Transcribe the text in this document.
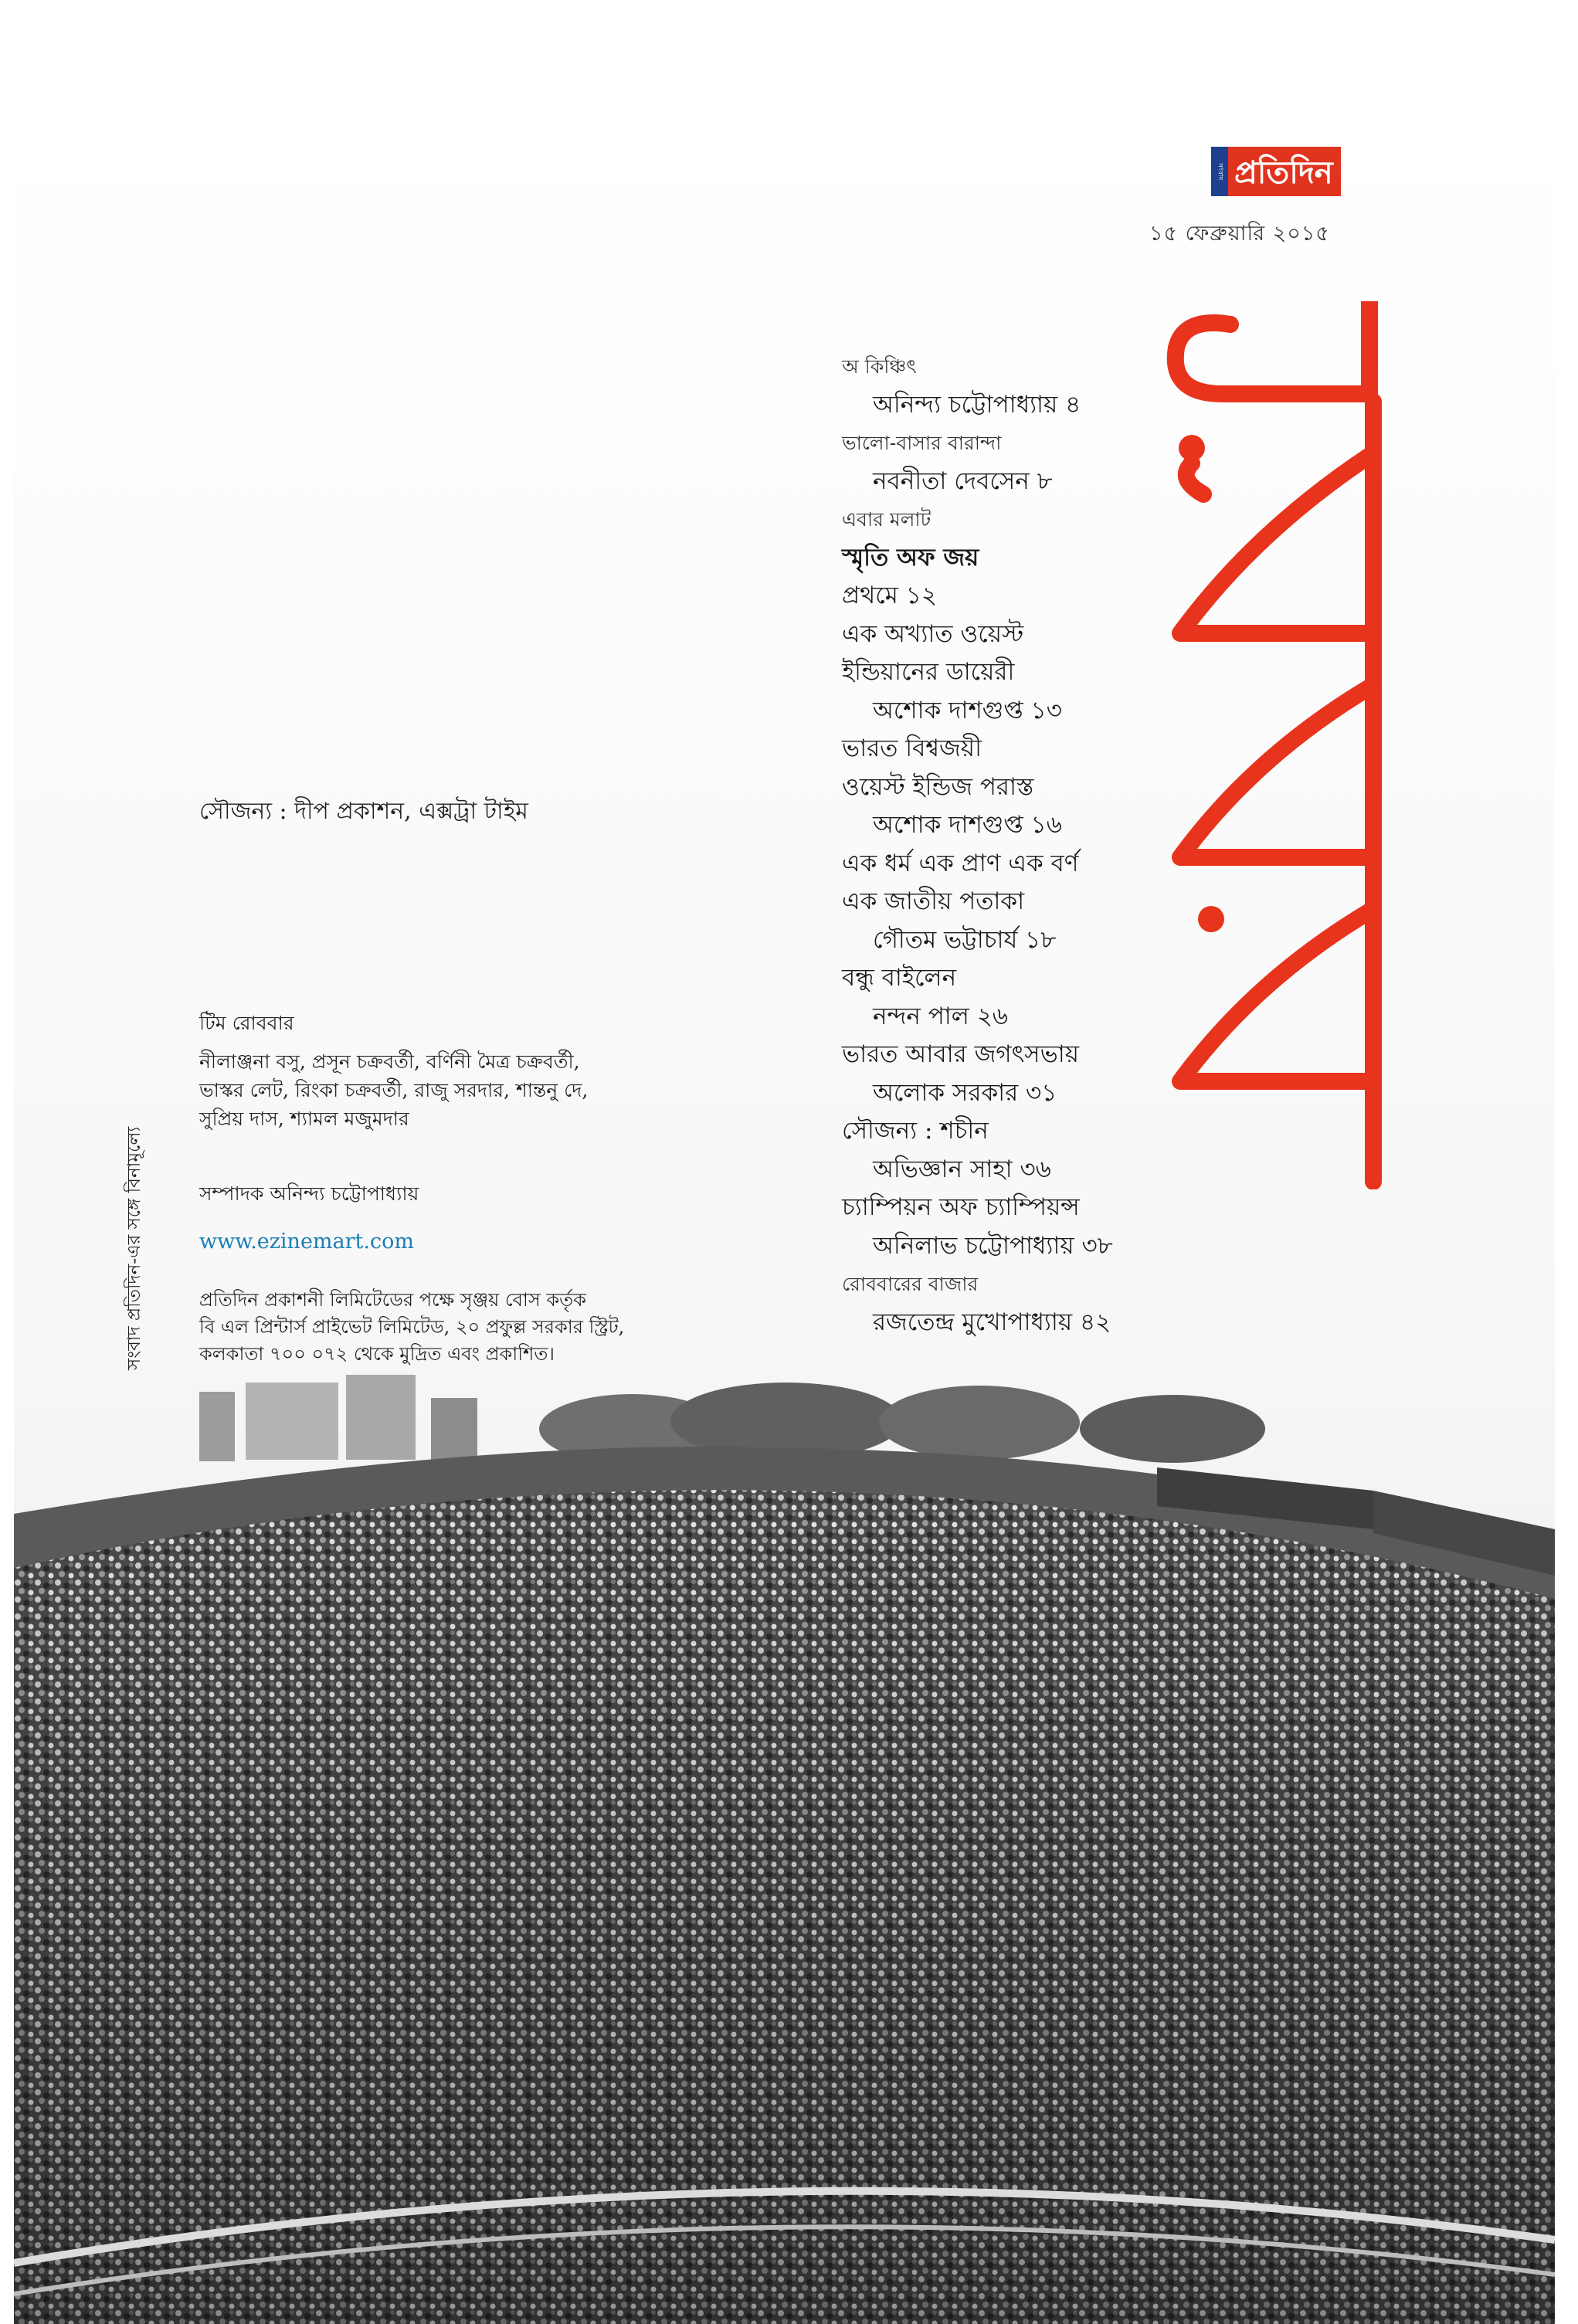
সংবাদ প্রতিদিন
১৫ ফেব্রুয়ারি ২০১৫
অ কিঞ্চিৎ
অনিন্দ্য চট্টোপাধ্যায় ৪
ভালো-বাসার বারান্দা
নবনীতা দেবসেন ৮
এবার মলাট
স্মৃতি অফ জয়
প্রথমে ১২
এক অখ্যাত ওয়েস্ট
ইন্ডিয়ানের ডায়েরী
অশোক দাশগুপ্ত ১৩
ভারত বিশ্বজয়ী
ওয়েস্ট ইন্ডিজ পরাস্ত
অশোক দাশগুপ্ত ১৬
এক ধর্ম এক প্রাণ এক বর্ণ
এক জাতীয় পতাকা
গৌতম ভট্টাচার্য ১৮
বন্ধু বাইলেন
নন্দন পাল ২৬
ভারত আবার জগৎসভায়
অলোক সরকার ৩১
সৌজন্য : শচীন
অভিজ্ঞান সাহা ৩৬
চ্যাম্পিয়ন অফ চ্যাম্পিয়ন্স
অনিলাভ চট্টোপাধ্যায় ৩৮
রোববারের বাজার
রজতেন্দ্র মুখোপাধ্যায় ৪২
সৌজন্য : দীপ প্রকাশন, এক্সট্রা টাইম
টিম রোববার
নীলাঞ্জনা বসু, প্রসূন চক্রবর্তী, বর্ণিনী মৈত্র চক্রবর্তী,
ভাস্কর লেট, রিংকা চক্রবর্তী, রাজু সরদার, শান্তনু দে,
সুপ্রিয় দাস, শ্যামল মজুমদার
সম্পাদক অনিন্দ্য চট্টোপাধ্যায়
www.ezinemart.com
প্রতিদিন প্রকাশনী লিমিটেডের পক্ষে সৃঞ্জয় বোস কর্তৃক
বি এল প্রিন্টার্স প্রাইভেট লিমিটেড, ২০ প্রফুল্ল সরকার স্ট্রিট,
কলকাতা ৭০০ ০৭২ থেকে মুদ্রিত এবং প্রকাশিত।
সংবাদ প্রতিদিন-এর সঙ্গে বিনামূল্যে
